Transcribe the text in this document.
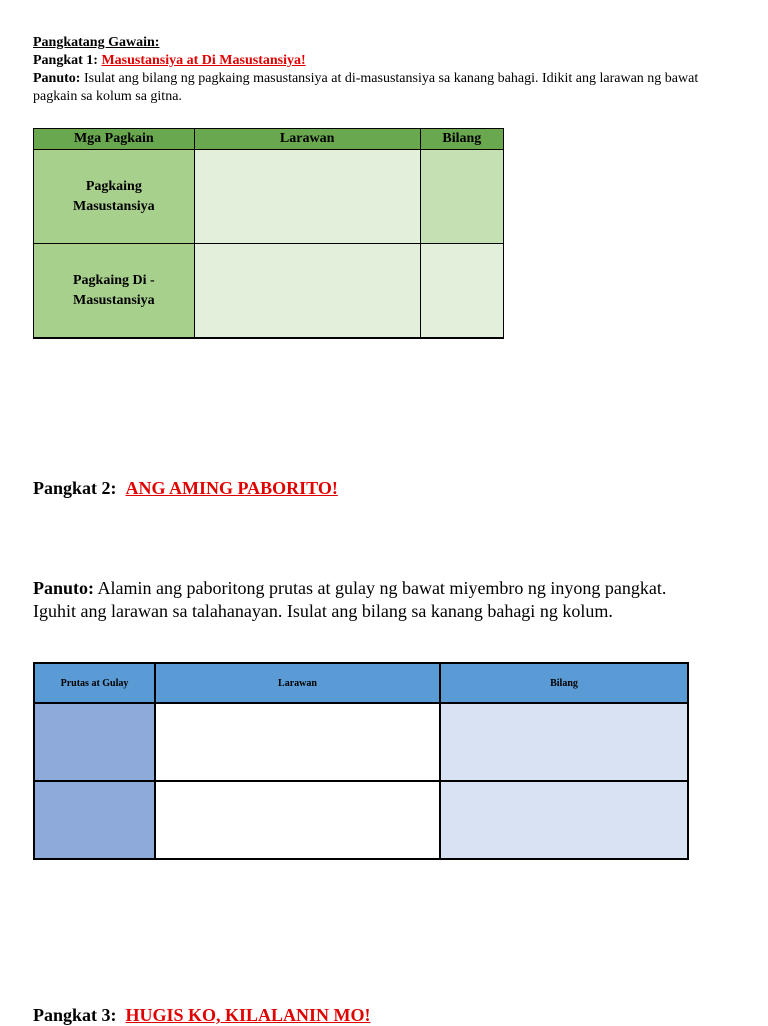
Pangkatang Gawain:

Pangkat 1: Masustansiya at Di Masustansiya!

Panuto: Isulat ang bilang ng pagkaing masustansiya at di-masustansiya sa kanang bahagi. Idikit ang larawan ng bawat pagkain sa kolum sa gitna.

Mga Pagkain	Larawan	Bilang
Pagkaing Masustansiya		
Pagkaing Di - Masustansiya		
Pangkat 2: ANG AMING PABORITO!

Panuto: Alamin ang paboritong prutas at gulay ng bawat miyembro ng inyong pangkat. Iguhit ang larawan sa talahanayan. Isulat ang bilang sa kanang bahagi ng kolum.

Prutas at Gulay	Larawan	Bilang

Pangkat 3: HUGIS KO, KILALANIN MO!
